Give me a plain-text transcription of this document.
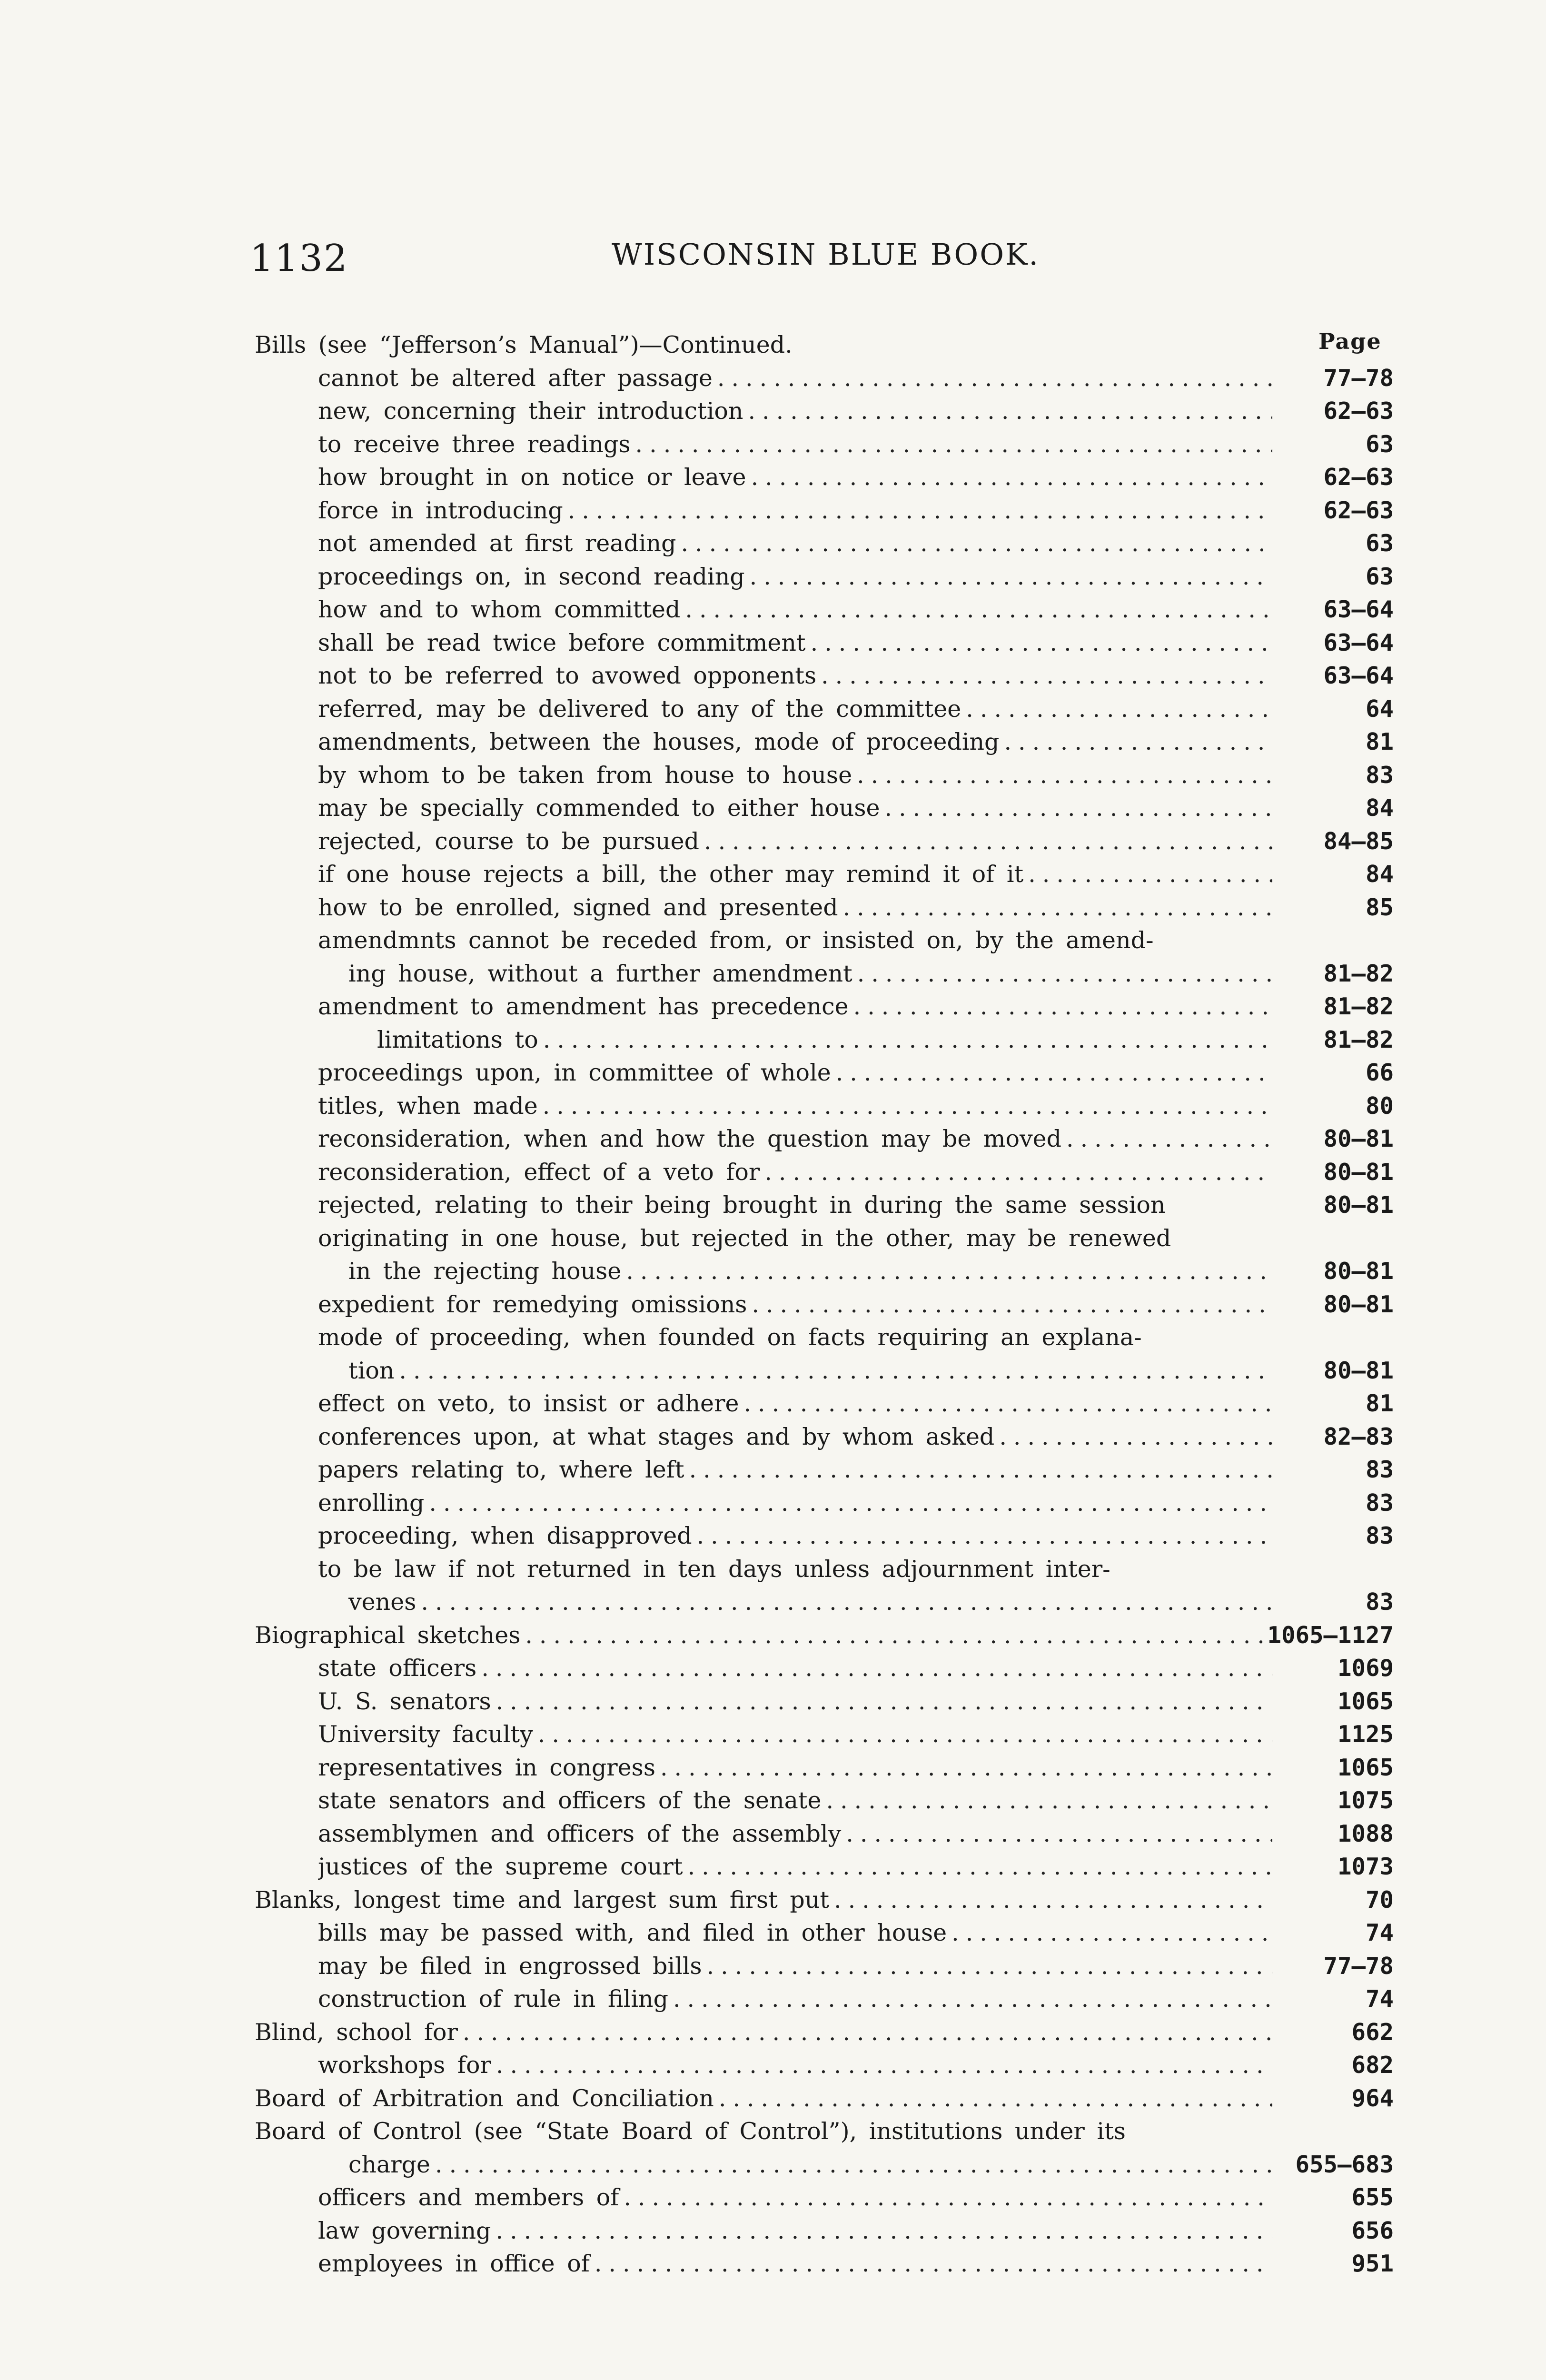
1132	WISCONSIN BLUE BOOK.
Page
Bills (see “Jefferson’s Manual”)—Continued.
cannot be altered after passage .....	77–78
new, concerning their introduction .....	62–63
to receive three readings .....	63
how brought in on notice or leave .....	62–63
force in introducing .....	62–63
not amended at first reading .....	63
proceedings on, in second reading .....	63
how and to whom committed .....	63–64
shall be read twice before commitment .....	63–64
not to be referred to avowed opponents .....	63–64
referred, may be delivered to any of the committee .....	64
amendments, between the houses, mode of proceeding .....	81
by whom to be taken from house to house .....	83
may be specially commended to either house .....	84
rejected, course to be pursued .....	84–85
if one house rejects a bill, the other may remind it of it .....	84
how to be enrolled, signed and presented .....	85
amendmnts cannot be receded from, or insisted on, by the amend-
ing house, without a further amendment .....	81–82
amendment to amendment has precedence .....	81–82
limitations to .....	81–82
proceedings upon, in committee of whole .....	66
titles, when made .....	80
reconsideration, when and how the question may be moved .....	80–81
reconsideration, effect of a veto for .....	80–81
rejected, relating to their being brought in during the same session	80–81
originating in one house, but rejected in the other, may be renewed
in the rejecting house .....	80–81
expedient for remedying omissions .....	80–81
mode of proceeding, when founded on facts requiring an explana-
tion .....	80–81
effect on veto, to insist or adhere .....	81
conferences upon, at what stages and by whom asked .....	82–83
papers relating to, where left .....	83
enrolling .....	83
proceeding, when disapproved .....	83
to be law if not returned in ten days unless adjournment inter-
venes .....	83
Biographical sketches .....	1065–1127
state officers .....	1069
U. S. senators .....	1065
University faculty .....	1125
representatives in congress .....	1065
state senators and officers of the senate .....	1075
assemblymen and officers of the assembly .....	1088
justices of the supreme court .....	1073
Blanks, longest time and largest sum first put .....	70
bills may be passed with, and filed in other house .....	74
may be filed in engrossed bills .....	77–78
construction of rule in filing .....	74
Blind, school for .....	662
workshops for .....	682
Board of Arbitration and Conciliation .....	964
Board of Control (see “State Board of Control”), institutions under its
charge .....	655–683
officers and members of .....	655
law governing .....	656
employees in office of .....	951
